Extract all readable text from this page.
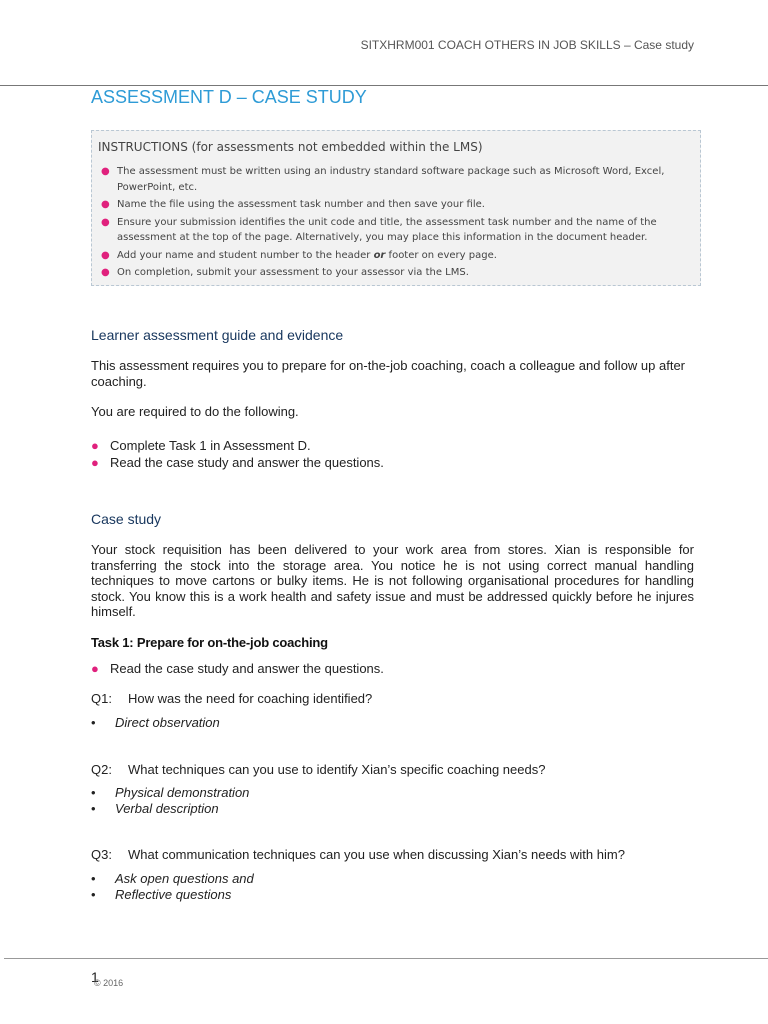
SITXHRM001 COACH OTHERS IN JOB SKILLS – Case study
ASSESSMENT D – CASE STUDY
INSTRUCTIONS (for assessments not embedded within the LMS)
● The assessment must be written using an industry standard software package such as Microsoft Word, Excel, PowerPoint, etc.
● Name the file using the assessment task number and then save your file.
● Ensure your submission identifies the unit code and title, the assessment task number and the name of the assessment at the top of the page. Alternatively, you may place this information in the document header.
● Add your name and student number to the header or footer on every page.
● On completion, submit your assessment to your assessor via the LMS.
Learner assessment guide and evidence
This assessment requires you to prepare for on-the-job coaching, coach a colleague and follow up after coaching.
You are required to do the following.
● Complete Task 1 in Assessment D.
● Read the case study and answer the questions.
Case study
Your stock requisition has been delivered to your work area from stores. Xian is responsible for transferring the stock into the storage area. You notice he is not using correct manual handling techniques to move cartons or bulky items. He is not following organisational procedures for handling stock. You know this is a work health and safety issue and must be addressed quickly before he injures himself.
Task 1: Prepare for on-the-job coaching
● Read the case study and answer the questions.
Q1: How was the need for coaching identified?
• Direct observation
Q2: What techniques can you use to identify Xian’s specific coaching needs?
• Physical demonstration
• Verbal description
Q3: What communication techniques can you use when discussing Xian’s needs with him?
• Ask open questions and
• Reflective questions
1
© 2016
